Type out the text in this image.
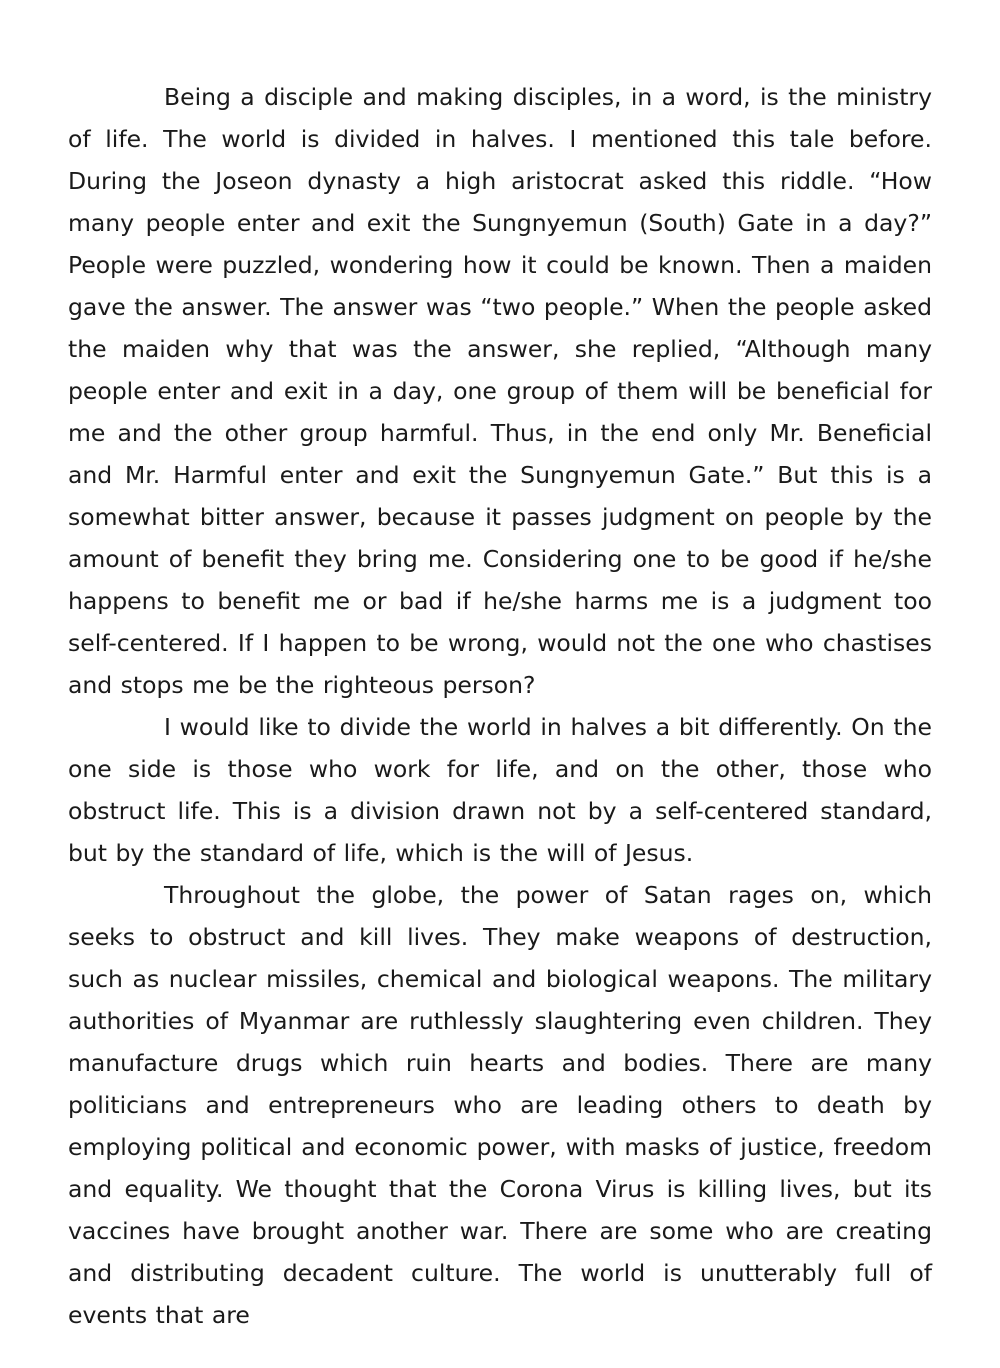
Being a disciple and making disciples, in a word, is the ministry of life. The world is divided in halves. I mentioned this tale before. During the Joseon dynasty a high aristocrat asked this riddle. “How many people enter and exit the Sungnyemun (South) Gate in a day?” People were puzzled, wondering how it could be known. Then a maiden gave the answer. The answer was “two people.” When the people asked the maiden why that was the answer, she replied, “Although many people enter and exit in a day, one group of them will be beneficial for me and the other group harmful. Thus, in the end only Mr. Beneficial and Mr. Harmful enter and exit the Sungnyemun Gate.” But this is a somewhat bitter answer, because it passes judgment on people by the amount of benefit they bring me. Considering one to be good if he/she happens to benefit me or bad if he/she harms me is a judgment too self-centered. If I happen to be wrong, would not the one who chastises and stops me be the righteous person?

I would like to divide the world in halves a bit differently. On the one side is those who work for life, and on the other, those who obstruct life. This is a division drawn not by a self-centered standard, but by the standard of life, which is the will of Jesus.

Throughout the globe, the power of Satan rages on, which seeks to obstruct and kill lives. They make weapons of destruction, such as nuclear missiles, chemical and biological weapons. The military authorities of Myanmar are ruthlessly slaughtering even children. They manufacture drugs which ruin hearts and bodies. There are many politicians and entrepreneurs who are leading others to death by employing political and economic power, with masks of justice, freedom and equality. We thought that the Corona Virus is killing lives, but its vaccines have brought another war. There are some who are creating and distributing decadent culture. The world is unutterably full of events that are
